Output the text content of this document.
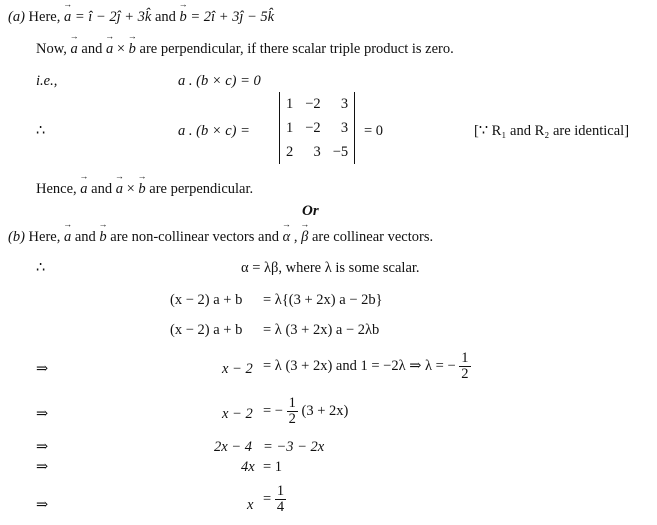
(a) Here, → a = î − 2ĵ + 3k̂ and → b = 2î + 3ĵ − 5k̂
Now, → a and → a × → b are perpendicular, if there scalar triple product is zero.
i.e.,	a . (b × c) = 0
∴	a . (b × c) =
1	−2	3
1	−2	3
2	3	−5
= 0	[∵ R₁ and R₂ are identical]
Hence, → a and → a × → b are perpendicular.
Or
(b) Here, → a and → b are non-collinear vectors and → α , → β are collinear vectors.
∴	α = λβ, where λ is some scalar.
(x − 2) a + b = λ{(3 + 2x) a − 2b}
(x − 2) a + b = λ (3 + 2x) a − 2λb
⇒	x − 2 = λ (3 + 2x) and 1 = −2λ ⇒ λ = − $\frac{1}{2}$
⇒	x − 2 = − $\frac{1}{2} (3 + 2x)$
⇒	2x − 4 = −3 − 2x
⇒	4x = 1
⇒	$x = \frac{1}{4}$
